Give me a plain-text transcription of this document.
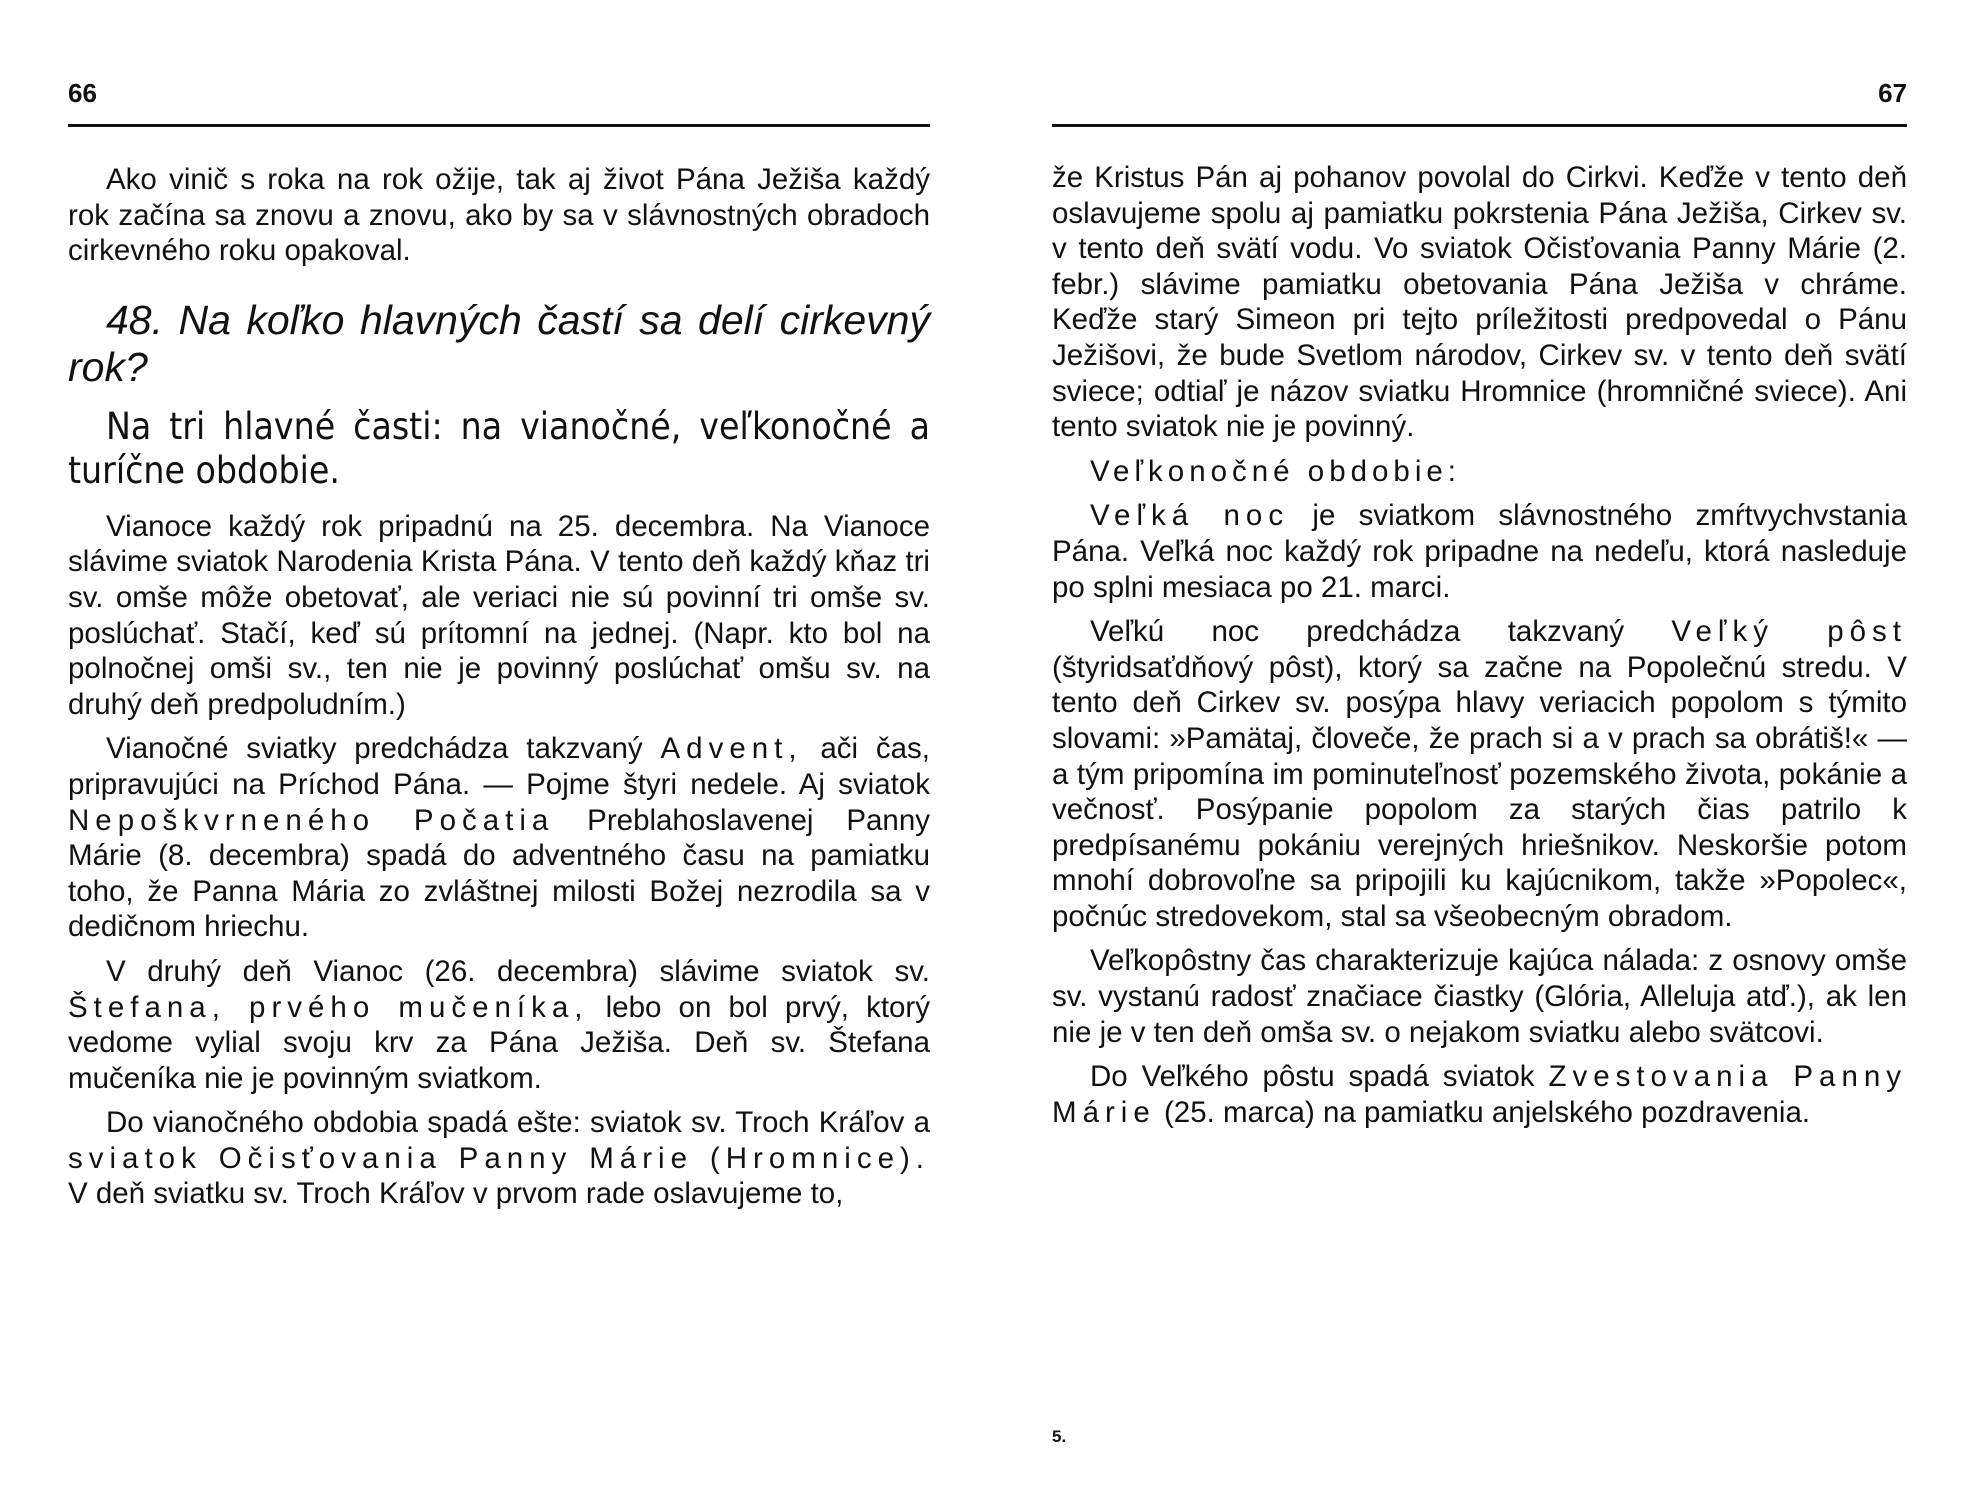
66

Ako vinič s roka na rok ožije, tak aj život Pána Ježiša každý rok začína sa znovu a znovu, ako by sa v slávnostných obradoch cirkevného roku opakoval.

48. Na koľko hlavných častí sa delí cirkevný rok?

Na tri hlavné časti: na vianočné, veľkonočné a turíčne obdobie.

Vianoce každý rok pripadnú na 25. decembra. Na Vianoce slávime sviatok Narodenia Krista Pána. V tento deň každý kňaz tri sv. omše môže obetovať, ale veriaci nie sú povinní tri omše sv. poslúchať. Stačí, keď sú prítomní na jednej. (Napr. kto bol na polnočnej omši sv., ten nie je povinný poslúchať omšu sv. na druhý deň predpoludním.)

Vianočné sviatky predchádza takzvaný Advent, ači čas, pripravujúci na Príchod Pána. — Pojme štyri nedele. Aj sviatok Nepoškvrneného Počatia Preblahoslavenej Panny Márie (8. decembra) spadá do adventného času na pamiatku toho, že Panna Mária zo zvláštnej milosti Božej nezrodila sa v dedičnom hriechu.

V druhý deň Vianoc (26. decembra) slávime sviatok sv. Štefana, prvého mučeníka, lebo on bol prvý, ktorý vedome vylial svoju krv za Pána Ježiša. Deň sv. Štefana mučeníka nie je povinným sviatkom.

Do vianočného obdobia spadá ešte: sviatok sv. Troch Kráľov a sviatok Očisťovania Panny Márie (Hromnice). V deň sviatku sv. Troch Kráľov v prvom rade oslavujeme to,

67

že Kristus Pán aj pohanov povolal do Cirkvi. Keďže v tento deň oslavujeme spolu aj pamiatku pokrstenia Pána Ježiša, Cirkev sv. v tento deň svätí vodu. Vo sviatok Očisťovania Panny Márie (2. febr.) slávime pamiatku obetovania Pána Ježiša v chráme. Keďže starý Simeon pri tejto príležitosti predpovedal o Pánu Ježišovi, že bude Svetlom národov, Cirkev sv. v tento deň svätí sviece; odtiaľ je názov sviatku Hromnice (hromničné sviece). Ani tento sviatok nie je povinný.

Veľkonočné obdobie:

Veľká noc je sviatkom slávnostného zmŕtvychvstania Pána. Veľká noc každý rok pripadne na nedeľu, ktorá nasleduje po splni mesiaca po 21. marci.

Veľkú noc predchádza takzvaný Veľký pôst (štyridsaťdňový pôst), ktorý sa začne na Popolečnú stredu. V tento deň Cirkev sv. posýpa hlavy veriacich popolom s týmito slovami: »Pamätaj, človeče, že prach si a v prach sa obrátiš!« — a tým pripomína im pominuteľnosť pozemského života, pokánie a večnosť. Posýpanie popolom za starých čias patrilo k predpísanému pokániu verejných hriešnikov. Neskoršie potom mnohí dobrovoľne sa pripojili ku kajúcnikom, takže »Popolec«, počnúc stredovekom, stal sa všeobecným obradom.

Veľkopôstny čas charakterizuje kajúca nálada: z osnovy omše sv. vystanú radosť značiace čiastky (Glória, Alleluja atď.), ak len nie je v ten deň omša sv. o nejakom sviatku alebo svätcovi.

Do Veľkého pôstu spadá sviatok Zvestovania Panny Márie (25. marca) na pamiatku anjelského pozdravenia.

5.
